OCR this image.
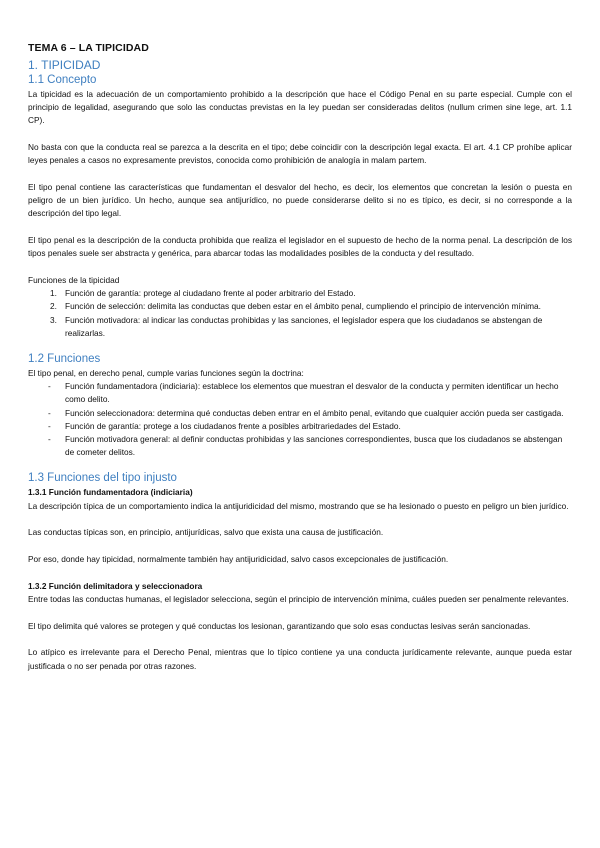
TEMA 6 – LA TIPICIDAD
1. TIPICIDAD
1.1 Concepto

La tipicidad es la adecuación de un comportamiento prohibido a la descripción que hace el Código Penal en su parte especial. Cumple con el principio de legalidad, asegurando que solo las conductas previstas en la ley puedan ser consideradas delitos (nullum crimen sine lege, art. 1.1 CP).

No basta con que la conducta real se parezca a la descrita en el tipo; debe coincidir con la descripción legal exacta. El art. 4.1 CP prohíbe aplicar leyes penales a casos no expresamente previstos, conocida como prohibición de analogía in malam partem.

El tipo penal contiene las características que fundamentan el desvalor del hecho, es decir, los elementos que concretan la lesión o puesta en peligro de un bien jurídico. Un hecho, aunque sea antijurídico, no puede considerarse delito si no es típico, es decir, si no corresponde a la descripción del tipo legal.

El tipo penal es la descripción de la conducta prohibida que realiza el legislador en el supuesto de hecho de la norma penal. La descripción de los tipos penales suele ser abstracta y genérica, para abarcar todas las modalidades posibles de la conducta y del resultado.

Funciones de la tipicidad
1. Función de garantía: protege al ciudadano frente al poder arbitrario del Estado.
2. Función de selección: delimita las conductas que deben estar en el ámbito penal, cumpliendo el principio de intervención mínima.
3. Función motivadora: al indicar las conductas prohibidas y las sanciones, el legislador espera que los ciudadanos se abstengan de realizarlas.
1.2 Funciones
El tipo penal, en derecho penal, cumple varias funciones según la doctrina:
- Función fundamentadora (indiciaria): establece los elementos que muestran el desvalor de la conducta y permiten identificar un hecho como delito.
- Función seleccionadora: determina qué conductas deben entrar en el ámbito penal, evitando que cualquier acción pueda ser castigada.
- Función de garantía: protege a los ciudadanos frente a posibles arbitrariedades del Estado.
- Función motivadora general: al definir conductas prohibidas y las sanciones correspondientes, busca que los ciudadanos se abstengan de cometer delitos.
1.3 Funciones del tipo injusto
1.3.1 Función fundamentadora (indiciaria)

La descripción típica de un comportamiento indica la antijuridicidad del mismo, mostrando que se ha lesionado o puesto en peligro un bien jurídico.

Las conductas típicas son, en principio, antijurídicas, salvo que exista una causa de justificación.

Por eso, donde hay tipicidad, normalmente también hay antijuridicidad, salvo casos excepcionales de justificación.

1.3.2 Función delimitadora y seleccionadora

Entre todas las conductas humanas, el legislador selecciona, según el principio de intervención mínima, cuáles pueden ser penalmente relevantes.

El tipo delimita qué valores se protegen y qué conductas los lesionan, garantizando que solo esas conductas lesivas serán sancionadas.

Lo atípico es irrelevante para el Derecho Penal, mientras que lo típico contiene ya una conducta jurídicamente relevante, aunque pueda estar justificada o no ser penada por otras razones.
